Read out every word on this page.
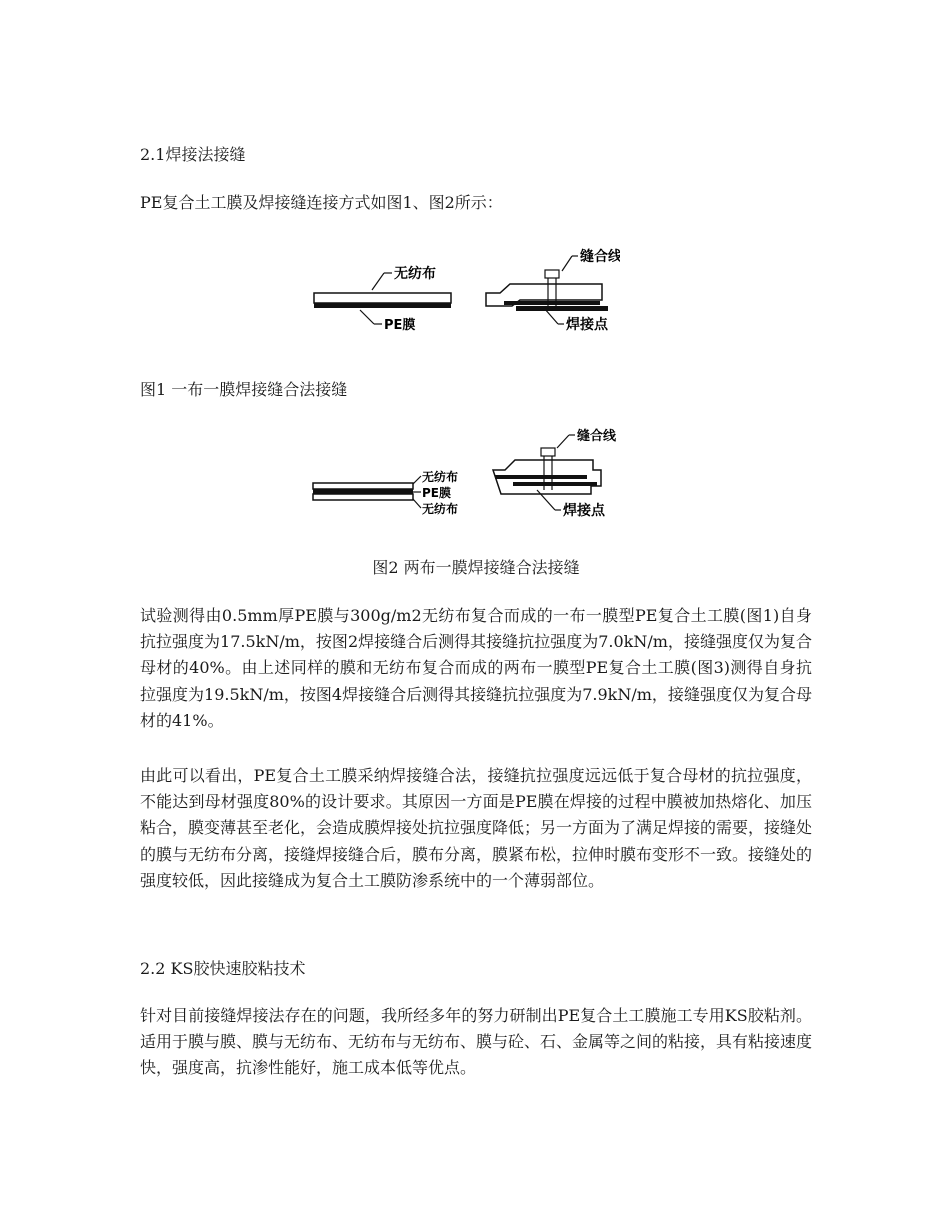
2.1焊接法接缝
PE复合土工膜及焊接缝连接方式如图1、图2所示：
无纺布
PE膜
缝合线
焊接点
图1 一布一膜焊接缝合法接缝
无纺布
PE膜
无纺布
缝合线
焊接点
图2 两布一膜焊接缝合法接缝
试验测得由0.5mm厚PE膜与300g/m2无纺布复合而成的一布一膜型PE复合土工膜(图1)自身抗拉强度为17.5kN/m，按图2焊接缝合后测得其接缝抗拉强度为7.0kN/m，接缝强度仅为复合母材的40%。由上述同样的膜和无纺布复合而成的两布一膜型PE复合土工膜(图3)测得自身抗拉强度为19.5kN/m，按图4焊接缝合后测得其接缝抗拉强度为7.9kN/m，接缝强度仅为复合母材的41%。
由此可以看出，PE复合土工膜采纳焊接缝合法，接缝抗拉强度远远低于复合母材的抗拉强度，不能达到母材强度80%的设计要求。其原因一方面是PE膜在焊接的过程中膜被加热熔化、加压粘合，膜变薄甚至老化，会造成膜焊接处抗拉强度降低；另一方面为了满足焊接的需要，接缝处的膜与无纺布分离，接缝焊接缝合后，膜布分离，膜紧布松，拉伸时膜布变形不一致。接缝处的强度较低，因此接缝成为复合土工膜防渗系统中的一个薄弱部位。
2.2 KS胶快速胶粘技术
针对目前接缝焊接法存在的问题，我所经多年的努力研制出PE复合土工膜施工专用KS胶粘剂。适用于膜与膜、膜与无纺布、无纺布与无纺布、膜与砼、石、金属等之间的粘接，具有粘接速度快，强度高，抗渗性能好，施工成本低等优点。
